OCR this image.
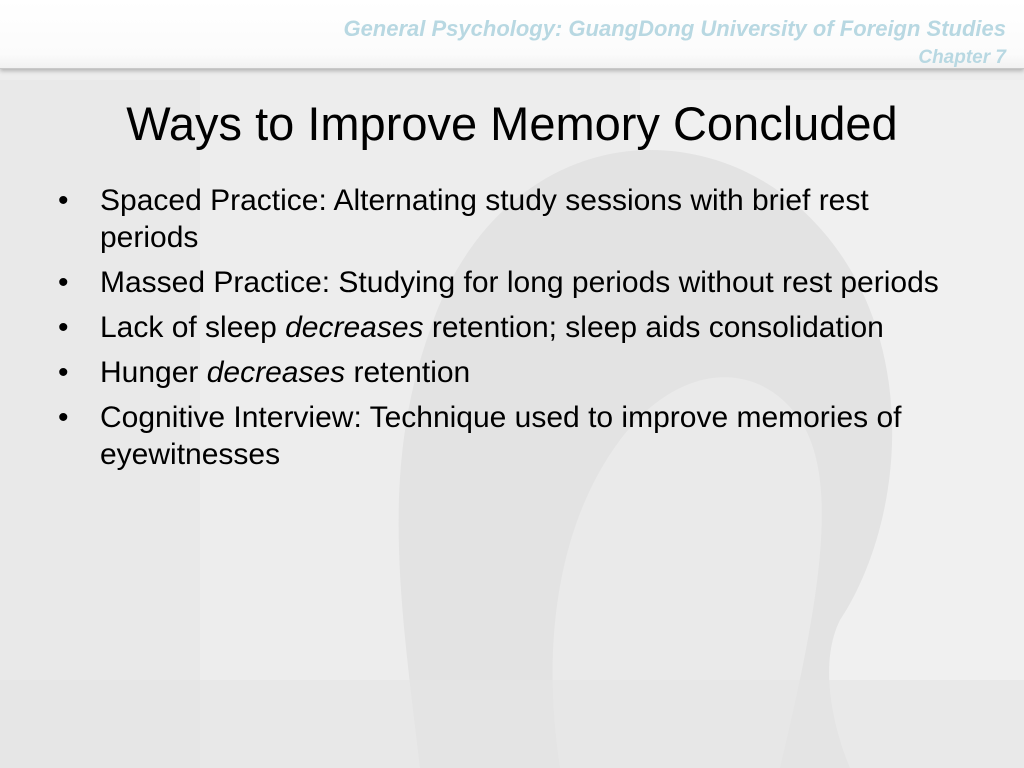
General Psychology: GuangDong University of Foreign Studies
Chapter 7
Ways to Improve Memory Concluded
• Spaced Practice: Alternating study sessions with brief rest periods
• Massed Practice: Studying for long periods without rest periods
• Lack of sleep decreases retention; sleep aids consolidation
• Hunger decreases retention
• Cognitive Interview: Technique used to improve memories of eyewitnesses
